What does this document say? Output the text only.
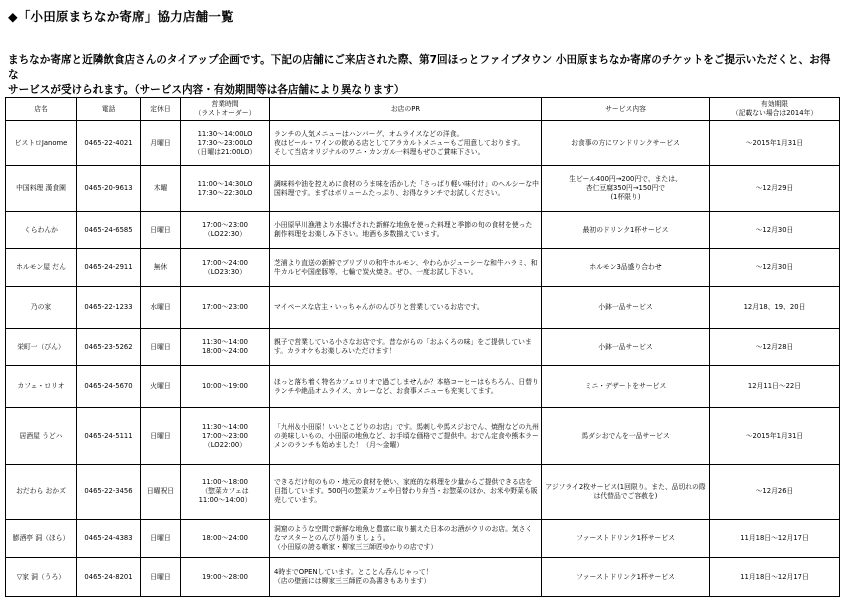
◆「小田原まちなか寄席」協力店舗一覧

まちなか寄席と近隣飲食店さんのタイアップ企画です。下記の店舗にご来店された際、第7回ほっとファイブタウン 小田原まちなか寄席のチケットをご提示いただくと、お得な

サービスが受けられます。（サービス内容・有効期間等は各店舗により異なります）

店名	電話	定休日	営業時間
（ラストオーダー）	お店のPR	サービス内容	有効期限
（記載ない場合は2014年）

ビストロJanome	0465-22-4021	月曜日	11:30～14:00LO
17:30～23:00LO
（日曜は21:00LO）	ランチの人気メニューはハンバーグ、オムライスなどの洋食。
夜はビール・ワインの飲める店としてアラカルトメニューもご用意しております。
そして当店オリジナルのワニ・カンガル一料理もぜひご賞味下さい。	お食事の方にワンドリンクサービス	～2015年1月31日
中国料理 漢食園	0465-20-9613	木曜	11:00～14:30LO
17:30～22:30LO	調味料や油を控えめに食材のうま味を活かした「さっぱり軽い味付け」のヘルシーな中国料理です。まずはボリュームたっぷり、お得なランチでお試しください。	生ビール400円→200円で、または、
杏仁豆腐350円→150円で
(1杯限り)	～12月29日
くらわんか	0465-24-6585	日曜日	17:00～23:00（LO22:30）	小田原早川漁港より水揚げされた新鮮な地魚を使った料理と季節の旬の食材を使った創作料理をお楽しみ下さい。地酒も多数揃えています。	最初のドリンク1杯サービス	～12月30日
ホルモン屋 だん	0465-24-2911	無休	17:00～24:00（LO23:30）	芝浦より直送の新鮮でプリプリの和牛ホルモン、やわらかジューシーな和牛ハラミ、和牛カルビや国産豚等、七輪で炭火焼き。ぜひ、一度お試し下さい。	ホルモン3品盛り合わせ	～12月30日
乃の家	0465-22-1233	水曜日	17:00～23:00	マイペースな店主・いっちゃんがのんびりと営業しているお店です。	小鉢一品サービス	12月18、19、20日
栄町一（びん）	0465-23-5262	日曜日	11:30～14:00
18:00～24:00	親子で営業している小さなお店です。昔ながらの「おふくろの味」をご提供しています。カラオケもお楽しみいただけます！	小鉢一品サービス	～12月28日
カフェ・ロリオ	0465-24-5670	火曜日	10:00～19:00	ほっと落ち着く特名カフェロリオで過ごしませんか？本格コーヒーはもちろん、日替りランチや絶品オムライス、カレーなど、お食事メニューも充実してます。	ミニ・デザートをサービス	12月11日～22日
居酒屋 うどハ	0465-24-5111	日曜日	11:30～14:00
17:00～23:00（LO22:00）	「九州＆小田原！いいとこどりのお店」です。馬刺しや馬スジおでん、焼酎などの九州の美味しいもの、小田原の地魚など、お手頃な価格でご提供中。おでん定食や熊本ラーメンのランチも始めました！（月～金曜）	馬ダシおでんを一品サービス	～2015年1月31日
おだわら おかズ	0465-22-3456	日曜祝日	11:00～18:00
（惣菜カフェは
11:00～14:00）	できるだけ旬のもの・地元の食材を使い、家庭的な料理を少量からご提供できる店を目指しています。500円の惣菜カフェや日替わり弁当・お惣菜のほか、お米や野菜も販売しています。	アジフライ2枚サービス(1回限り。また、品切れの際は代替品でご容赦を)	～12月26日
膨酒亭 洞（ほら）	0465-24-4383	日曜日	18:00～24:00	洞窟のような空間で新鮮な地魚と豊富に取り揃えた日本のお酒がウリのお店。気さくなマスターとのんびり語りましょう。
（小田原の誇る噺家・柳家三三師匠ゆかりの店です）	ファーストドリンク1杯サービス	11月18日～12月17日
▽家 洞（うろ）	0465-24-8201	日曜日	19:00～28:00	4時までOPENしています。とことん呑んじゃって！
（店の壁面には柳家三三師匠の為書きもあります）	ファーストドリンク1杯サービス	11月18日～12月17日
